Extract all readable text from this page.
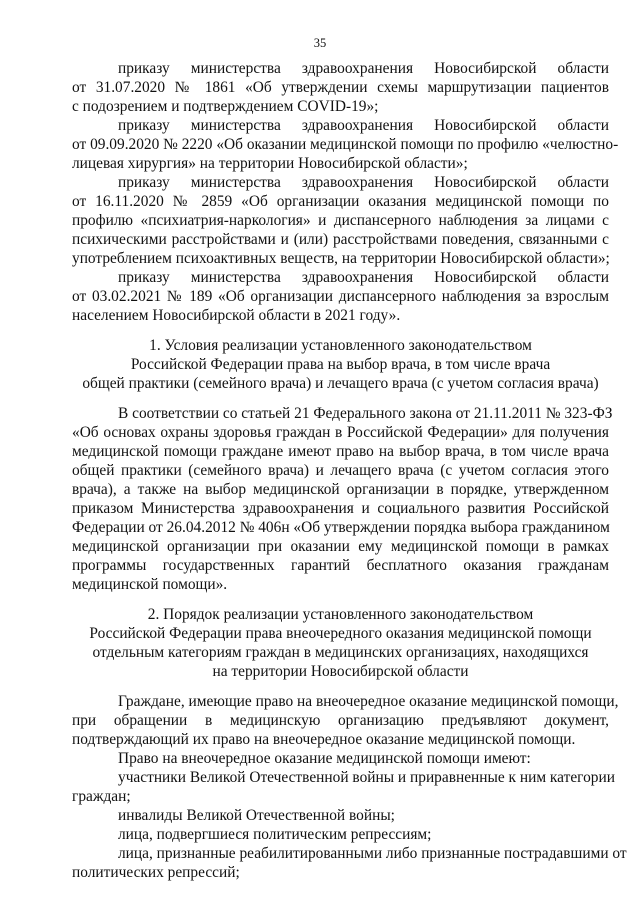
35
приказу министерства здравоохранения Новосибирской области
от 31.07.2020 № 1861 «Об утверждении схемы маршрутизации пациентов
с подозрением и подтверждением COVID-19»;
приказу министерства здравоохранения Новосибирской области
от 09.09.2020 № 2220 «Об оказании медицинской помощи по профилю «челюстно-
лицевая хирургия» на территории Новосибирской области»;
приказу министерства здравоохранения Новосибирской области
от 16.11.2020 № 2859 «Об организации оказания медицинской помощи по
профилю «психиатрия-наркология» и диспансерного наблюдения за лицами с
психическими расстройствами и (или) расстройствами поведения, связанными с
употреблением психоактивных веществ, на территории Новосибирской области»;
приказу министерства здравоохранения Новосибирской области
от 03.02.2021 № 189 «Об организации диспансерного наблюдения за взрослым
населением Новосибирской области в 2021 году».
1. Условия реализации установленного законодательством
Российской Федерации права на выбор врача, в том числе врача
общей практики (семейного врача) и лечащего врача (с учетом согласия врача)
В соответствии со статьей 21 Федерального закона от 21.11.2011 № 323-ФЗ
«Об основах охраны здоровья граждан в Российской Федерации» для получения
медицинской помощи граждане имеют право на выбор врача, в том числе врача
общей практики (семейного врача) и лечащего врача (с учетом согласия этого
врача), а также на выбор медицинской организации в порядке, утвержденном
приказом Министерства здравоохранения и социального развития Российской
Федерации от 26.04.2012 № 406н «Об утверждении порядка выбора гражданином
медицинской организации при оказании ему медицинской помощи в рамках
программы государственных гарантий бесплатного оказания гражданам
медицинской помощи».
2. Порядок реализации установленного законодательством
Российской Федерации права внеочередного оказания медицинской помощи
отдельным категориям граждан в медицинских организациях, находящихся
на территории Новосибирской области
Граждане, имеющие право на внеочередное оказание медицинской помощи,
при обращении в медицинскую организацию предъявляют документ,
подтверждающий их право на внеочередное оказание медицинской помощи.
Право на внеочередное оказание медицинской помощи имеют:
участники Великой Отечественной войны и приравненные к ним категории
граждан;
инвалиды Великой Отечественной войны;
лица, подвергшиеся политическим репрессиям;
лица, признанные реабилитированными либо признанные пострадавшими от
политических репрессий;
